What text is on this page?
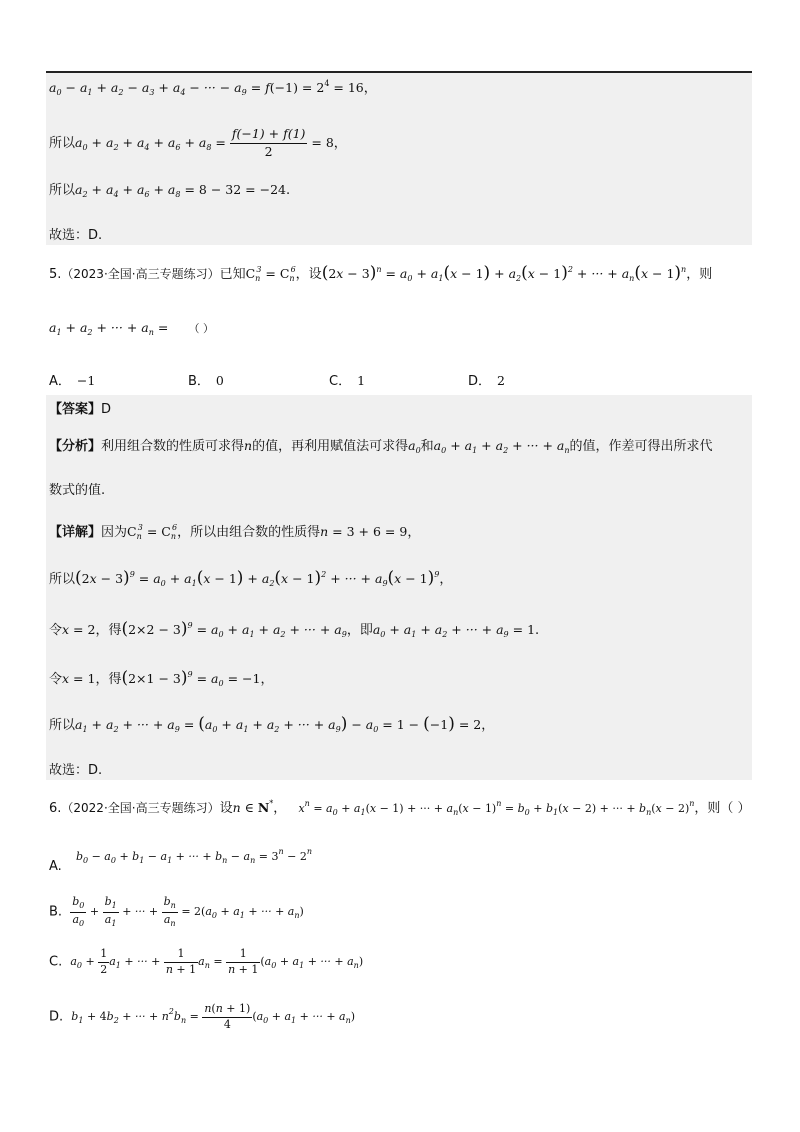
$a_0 - a_1 + a_2 - a_3 + a_4$ − ··· − $a_9 = f(-1) = 2^4 = 16$，
所以$a_0 + a_2 + a_4 + a_6 + a_8 = \frac{f(-1) + f(1)}{2} = 8$，
所以$a_2 + a_4 + a_6 + a_8 = 8 - 32 = -24$.
故选：D.
5.（2023·全国·高三专题练习）已知$C_n^3 = C_n^6$，设$(2x - 3)^n = a_0 + a_1(x - 1) + a_2(x - 1)^2$ + ··· + $a_n(x - 1)^n$，则
$a_1 + a_2$ + ··· + $a_n$ = （ ）
A． −1	B． 0	C． 1	D． 2
【答案】D
【分析】利用组合数的性质可求得n的值，再利用赋值法可求得$a_0$和$a_0 + a_1 + a_2$ + ··· + $a_n$的值，作差可得出所求代
数式的值.
【详解】因为$C_n^3 = C_n^6$，所以由组合数的性质得n = 3 + 6 = 9，
所以$(2x - 3)^9 = a_0 + a_1(x - 1) + a_2(x - 1)^2$ + ··· + $a_9(x - 1)^9$，
令x = 2，得$(2\times 2 - 3)^9 = a_0 + a_1 + a_2$ + ··· + $a_9$，即$a_0 + a_1 + a_2$ + ··· + $a_9 = 1$.
令x = 1，得$(2\times 1 - 3)^9 = a_0 = -1$，
所以$a_1 + a_2$ + ··· + $a_9 = (a_0 + a_1 + a_2$ + ··· + $a_9) - a_0 = 1 - (-1) = 2$，
故选：D.
6.（2022·全国·高三专题练习）设n ∈ N*， $x^n = a_0 + a_1(x - 1)$ + ··· + $a_n(x - 1)^n = b_0 + b_1(x - 2)$ + ··· + $b_n(x - 2)^n$，则（ ）
A. $b_0 - a_0 + b_1 - a_1$ + ··· + $b_n - a_n = 3^n - 2^n$
B. $\frac{b_0}{a_0} + \frac{b_1}{a_1}$ + ··· + $\frac{b_n}{a_n} = 2(a_0 + a_1$ + ··· + $a_n$)
C. $a_0 + \frac{1}{2} a_1$ + ··· + $\frac{1}{n + 1} a_n = \frac{1}{n + 1} (a_0 + a_1$ + ··· + $a_n$)
D. $b_1 + 4b_2$ + ··· + $n^2b_n = \frac{n(n + 1)}{4} (a_0 + a_1$ + ··· + $a_n$)
